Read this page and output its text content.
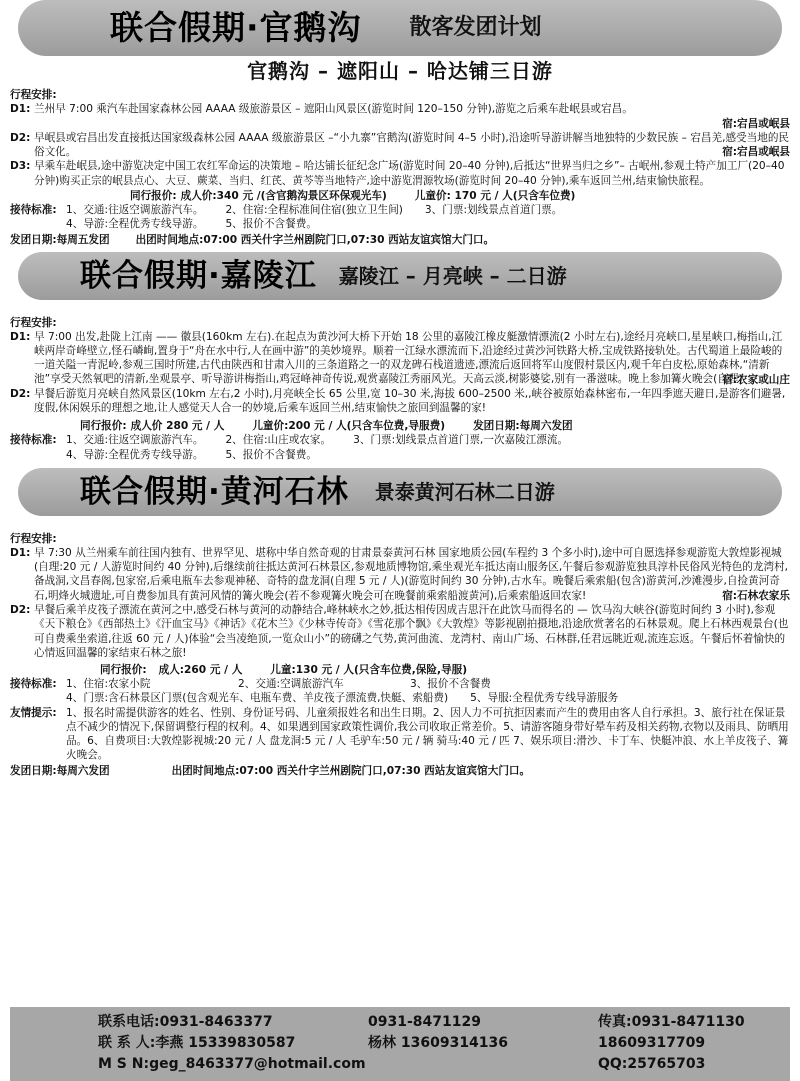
联合假期·官鹅沟 散客发团计划
官鹅沟 – 遮阳山 – 哈达铺三日游
行程安排:
D1: 兰州早 7:00 乘汽车赴国家森林公园 AAAA 级旅游景区 – 遮阳山风景区(游览时间 120–150 分钟),游览之后乘车赴岷县或宕昌。
宿:宕昌或岷县
D2: 早岷县或宕昌出发直接抵达国家级森林公园 AAAA 级旅游景区 –“小九寨”官鹅沟(游览时间 4–5 小时),沿途听导游讲解当地独特的少数民族 – 宕昌羌,感受当地的民俗文化。	宿:宕昌或岷县
D3: 早乘车赴岷县,途中游览决定中国工农红军命运的决策地 – 哈达铺长征纪念广场(游览时间 20–40 分钟),后抵达“世界当归之乡”– 古岷州,参观土特产加工厂(20–40 分钟)购买正宗的岷县点心、大豆、蕨菜、当归、红芪、黄芩等当地特产,途中游览渭源牧场(游览时间 20–40 分钟),乘车返回兰州,结束愉快旅程。
同行报价: 成人价:340 元 /(含官鹅沟景区环保观光车)	儿童价: 170 元 / 人(只含车位费)
接待标准: 1、交通:往返空调旅游汽车。 2、住宿:全程标准间住宿(独立卫生间) 3、门票:划线景点首道门票。
4、导游:全程优秀专线导游。 5、报价不含餐费。
发团日期:每周五发团 出团时间地点:07:00 西关什字兰州剧院门口,07:30 西站友谊宾馆大门口。
联合假期·嘉陵江 嘉陵江 – 月亮峡 – 二日游
行程安排:
D1: 早 7:00 出发,赴陇上江南 —— 徽县(160km 左右).在起点为黄沙河大桥下开始 18 公里的嘉陵江橡皮艇激情漂流(2 小时左右),途经月亮峡口,星星峡口,梅指山,江峡两岸奇峰壁立,怪石嶙峋,置身于“舟在水中行,人在画中游”的美妙境界。顺着一江绿水漂流而下,沿途经过黄沙河铁路大桥,宝成铁路接轨处。古代蜀道上最险峻的一道关隘一青泥岭,参观三国时所建,古代由陕西和甘肃入川的三条道路之一的双龙碑石栈道遗迹,漂流后返回将军山度假村景区内,观千年白皮松,原始森林,“清新池”享受天然氧吧的清新,坐观景亭、听导游讲梅指山,鸡冠峰神奇传说,观赏嘉陵江秀丽风光。天高云淡,树影婆娑,别有一番滋味。晚上参加篝火晚会(自理)
宿:农家或山庄
D2: 早餐后游览月亮峡自然风景区(10km 左右,2 小时),月亮峡全长 65 公里,宽 10–30 米,海拔 600–2500 米,,峡谷被原始森林密布,一年四季遮天避日,是游客们避暑,度假,休闲娱乐的理想之地,让人感觉天人合一的妙境,后乘车返回兰州,结束愉快之旅回到温馨的家!
同行报价: 成人价 280 元 / 人	儿童价:200 元 / 人(只含车位费,导服费)	发团日期:每周六发团
接待标准: 1、交通:往返空调旅游汽车。 2、住宿:山庄或农家。 3、门票:划线景点首道门票,一次嘉陵江漂流。
4、导游:全程优秀专线导游。 5、报价不含餐费。
联合假期·黄河石林 景泰黄河石林二日游
行程安排:
D1: 早 7:30 从兰州乘车前往国内独有、世界罕见、堪称中华自然奇观的甘肃景泰黄河石林 国家地质公园(车程约 3 个多小时),途中可自愿选择参观游览大敦煌影视城(自理:20 元 / 人游览时间约 40 分钟),后继续前往抵达黄河石林景区,参观地质博物馆,乘坐观光车抵达南山服务区,午餐后参观游览独具淳朴民俗风光特色的龙湾村,备战洞,文昌春阁,包家窑,后乘电瓶车去参观神秘、奇特的盘龙洞(自理 5 元 / 人)(游览时间约 30 分钟),古水车。晚餐后乘索船(包含)游黄河,沙滩漫步,自捡黄河奇石,明烽火城遗址,可自费参加具有黄河风情的篝火晚会(若不参观篝火晚会可在晚餐前乘索船渡黄河),后乘索船返回农家!	宿:石林农家乐
D2: 早餐后乘羊皮筏子漂流在黄河之中,感受石林与黄河的动静结合,峰林峡水之妙,抵达相传因成吉思汗在此饮马而得名的 — 饮马沟大峡谷(游览时间约 3 小时),参观《天下粮仓》《西部热土》《汗血宝马》《神话》《花木兰》《少林寺传奇》《雪花那个飘》《大敦煌》等影视剧拍摄地,沿途欣赏著名的石林景观。爬上石林西观景台(也可自费乘坐索道,往返 60 元 / 人)体验“会当凌绝顶,一览众山小”的磅礴之气势,黄河曲流、龙湾村、南山广场、石林群,任君远眺近观,流连忘返。午餐后怀着愉快的心情返回温馨的家结束石林之旅!
同行报价: 成人:260 元 / 人	儿童:130 元 / 人(只含车位费,保险,导服)
接待标准: 1、住宿:农家小院	2、交通:空调旅游汽车	3、报价不含餐费
4、门票:含石林景区门票(包含观光车、电瓶车费、羊皮筏子漂流费,快艇、索船费) 5、导服:全程优秀专线导游服务
友情提示: 1、报名时需提供游客的姓名、性别、身份证号码、儿童须报姓名和出生日期。2、因人力不可抗拒因素而产生的费用由客人自行承担。3、旅行社在保证景点不减少的情况下,保留调整行程的权利。4、如果遇到国家政策性调价,我公司收取正常差价。5、请游客随身带好晕车药及相关药物,衣物以及雨具、防晒用品。6、自费项目:大敦煌影视城:20 元 / 人 盘龙洞:5 元 / 人 毛驴车:50 元 / 辆 骑马:40 元 / 匹 7、娱乐项目:滑沙、卡丁车、快艇冲浪、水上羊皮筏子、篝火晚会。
发团日期:每周六发团	出团时间地点:07:00 西关什字兰州剧院门口,07:30 西站友谊宾馆大门口。
联系电话:0931-8463377	0931-8471129	传真:0931-8471130
联 系 人:李燕 15339830587	杨林 13609314136	18609317709
M S N:geg_8463377@hotmail.com	QQ:25765703
